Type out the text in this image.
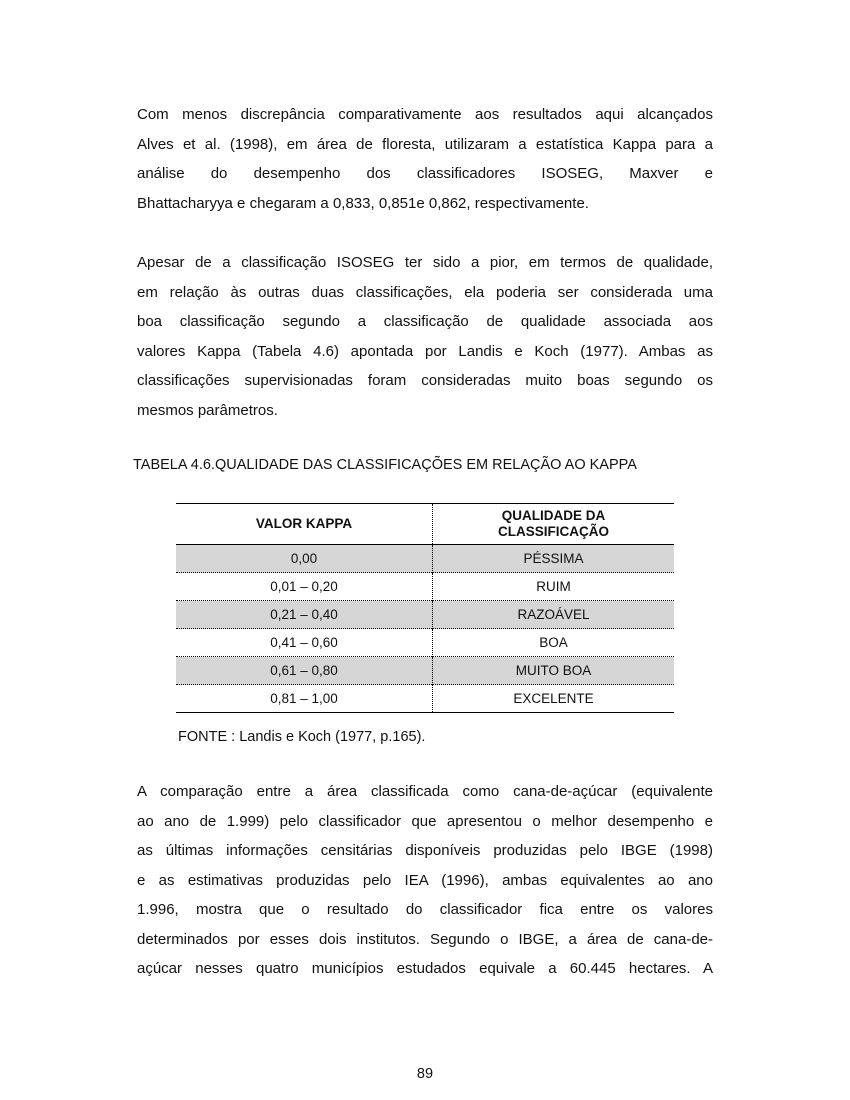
Com menos discrepância comparativamente aos resultados aqui alcançados
Alves et al. (1998), em área de floresta, utilizaram a estatística Kappa para a
análise do desempenho dos classificadores ISOSEG, Maxver e
Bhattacharyya e chegaram a 0,833, 0,851e 0,862, respectivamente.
Apesar de a classificação ISOSEG ter sido a pior, em termos de qualidade,
em relação às outras duas classificações, ela poderia ser considerada uma
boa classificação segundo a classificação de qualidade associada aos
valores Kappa (Tabela 4.6) apontada por Landis e Koch (1977). Ambas as
classificações supervisionadas foram consideradas muito boas segundo os
mesmos parâmetros.
TABELA 4.6.QUALIDADE DAS CLASSIFICAÇÕES EM RELAÇÃO AO KAPPA
VALOR KAPPA	QUALIDADE DA
CLASSIFICAÇÃO
0,00	PÉSSIMA
0,01 – 0,20	RUIM
0,21 – 0,40	RAZOÁVEL
0,41 – 0,60	BOA
0,61 – 0,80	MUITO BOA
0,81 – 1,00	EXCELENTE
FONTE : Landis e Koch (1977, p.165).
A comparação entre a área classificada como cana-de-açúcar (equivalente
ao ano de 1.999) pelo classificador que apresentou o melhor desempenho e
as últimas informações censitárias disponíveis produzidas pelo IBGE (1998)
e as estimativas produzidas pelo IEA (1996), ambas equivalentes ao ano
1.996, mostra que o resultado do classificador fica entre os valores
determinados por esses dois institutos. Segundo o IBGE, a área de cana-de-
açúcar nesses quatro municípios estudados equivale a 60.445 hectares. A
89
